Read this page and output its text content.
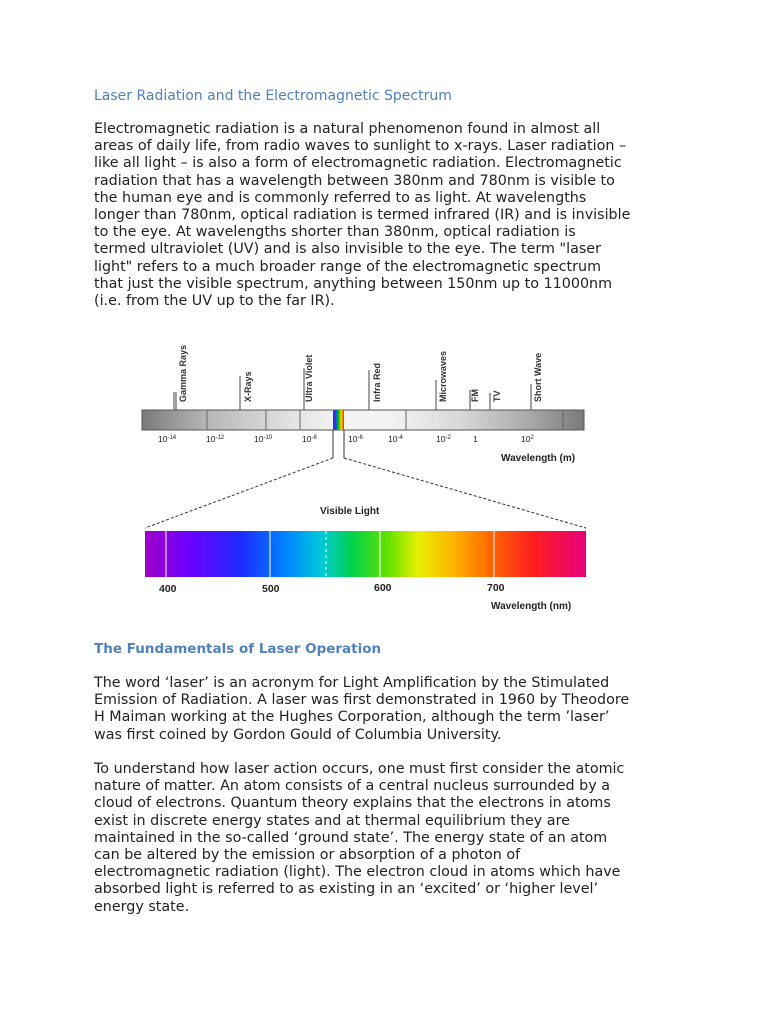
Laser Radiation and the Electromagnetic Spectrum

Electromagnetic radiation is a natural phenomenon found in almost all
areas of daily life, from radio waves to sunlight to x-rays. Laser radiation –
like all light – is also a form of electromagnetic radiation. Electromagnetic
radiation that has a wavelength between 380nm and 780nm is visible to
the human eye and is commonly referred to as light. At wavelengths
longer than 780nm, optical radiation is termed infrared (IR) and is invisible
to the eye. At wavelengths shorter than 380nm, optical radiation is
termed ultraviolet (UV) and is also invisible to the eye. The term "laser
light" refers to a much broader range of the electromagnetic spectrum
that just the visible spectrum, anything between 150nm up to 11000nm
(i.e. from the UV up to the far IR).
Gamma Rays	X-Rays	Ultra Violet	Infra Red	Microwaves FM TV	Short Wave
$10^{-14}$	$10^{-12}$	$10^{-10}$	$10^{-8}$	$10^{-6}$	$10^{-4}$	$10^{-2}$	1	$10^2$
Wavelength (m)
Visible Light
400	500	600	700
Wavelength (nm)

The Fundamentals of Laser Operation

The word ‘laser’ is an acronym for Light Amplification by the Stimulated
Emission of Radiation. A laser was first demonstrated in 1960 by Theodore
H Maiman working at the Hughes Corporation, although the term ’laser’
was first coined by Gordon Gould of Columbia University.
To understand how laser action occurs, one must first consider the atomic
nature of matter. An atom consists of a central nucleus surrounded by a
cloud of electrons. Quantum theory explains that the electrons in atoms
exist in discrete energy states and at thermal equilibrium they are
maintained in the so-called ‘ground state’. The energy state of an atom
can be altered by the emission or absorption of a photon of
electromagnetic radiation (light). The electron cloud in atoms which have
absorbed light is referred to as existing in an ‘excited’ or ‘higher level’
energy state.
